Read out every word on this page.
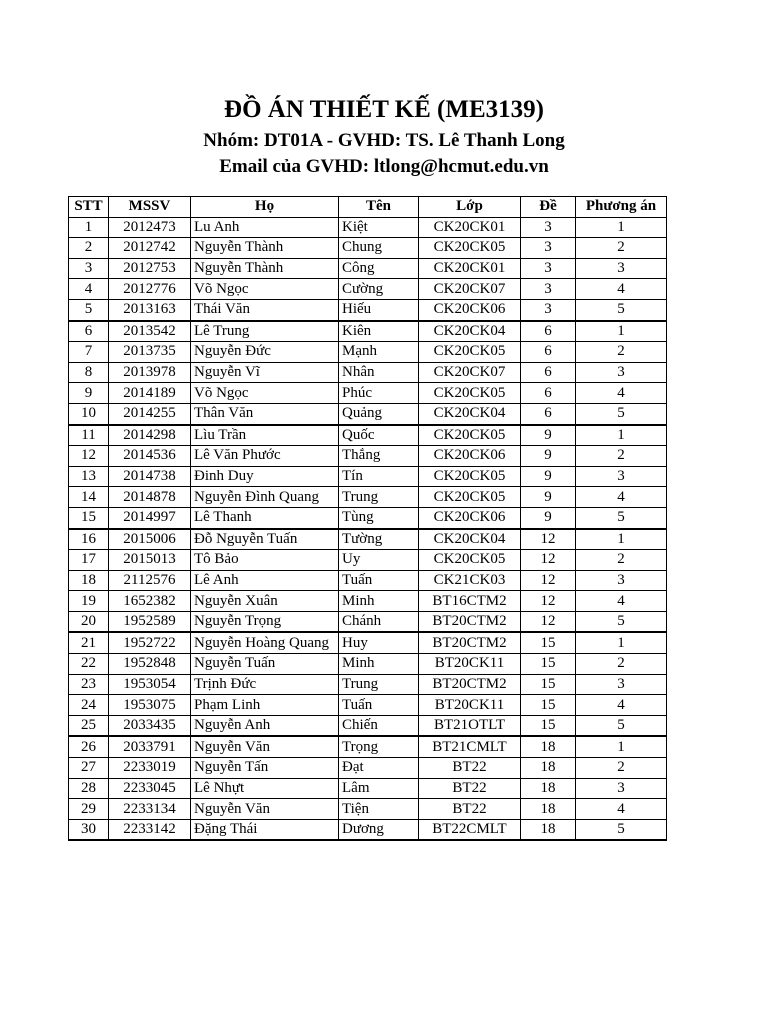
ĐỒ ÁN THIẾT KẾ (ME3139)
Nhóm: DT01A - GVHD: TS. Lê Thanh Long
Email của GVHD: ltlong@hcmut.edu.vn
STT	MSSV	Họ	Tên	Lớp	Đề	Phương án
1	2012473	Lu Anh	Kiệt	CK20CK01	3	1
2	2012742	Nguyễn Thành	Chung	CK20CK05	3	2
3	2012753	Nguyễn Thành	Công	CK20CK01	3	3
4	2012776	Võ Ngọc	Cường	CK20CK07	3	4
5	2013163	Thái Văn	Hiếu	CK20CK06	3	5
6	2013542	Lê Trung	Kiên	CK20CK04	6	1
7	2013735	Nguyễn Đức	Mạnh	CK20CK05	6	2
8	2013978	Nguyễn Vĩ	Nhân	CK20CK07	6	3
9	2014189	Võ Ngọc	Phúc	CK20CK05	6	4
10	2014255	Thân Văn	Quảng	CK20CK04	6	5
11	2014298	Lìu Trần	Quốc	CK20CK05	9	1
12	2014536	Lê Văn Phước	Thắng	CK20CK06	9	2
13	2014738	Đinh Duy	Tín	CK20CK05	9	3
14	2014878	Nguyễn Đình Quang	Trung	CK20CK05	9	4
15	2014997	Lê Thanh	Tùng	CK20CK06	9	5
16	2015006	Đỗ Nguyễn Tuấn	Tường	CK20CK04	12	1
17	2015013	Tô Bảo	Uy	CK20CK05	12	2
18	2112576	Lê Anh	Tuấn	CK21CK03	12	3
19	1652382	Nguyễn Xuân	Minh	BT16CTM2	12	4
20	1952589	Nguyễn Trọng	Chánh	BT20CTM2	12	5
21	1952722	Nguyễn Hoàng Quang	Huy	BT20CTM2	15	1
22	1952848	Nguyễn Tuấn	Minh	BT20CK11	15	2
23	1953054	Trịnh Đức	Trung	BT20CTM2	15	3
24	1953075	Phạm Linh	Tuấn	BT20CK11	15	4
25	2033435	Nguyễn Anh	Chiến	BT21OTLT	15	5
26	2033791	Nguyễn Văn	Trọng	BT21CMLT	18	1
27	2233019	Nguyễn Tấn	Đạt	BT22	18	2
28	2233045	Lê Nhựt	Lâm	BT22	18	3
29	2233134	Nguyễn Văn	Tiện	BT22	18	4
30	2233142	Đặng Thái	Dương	BT22CMLT	18	5
